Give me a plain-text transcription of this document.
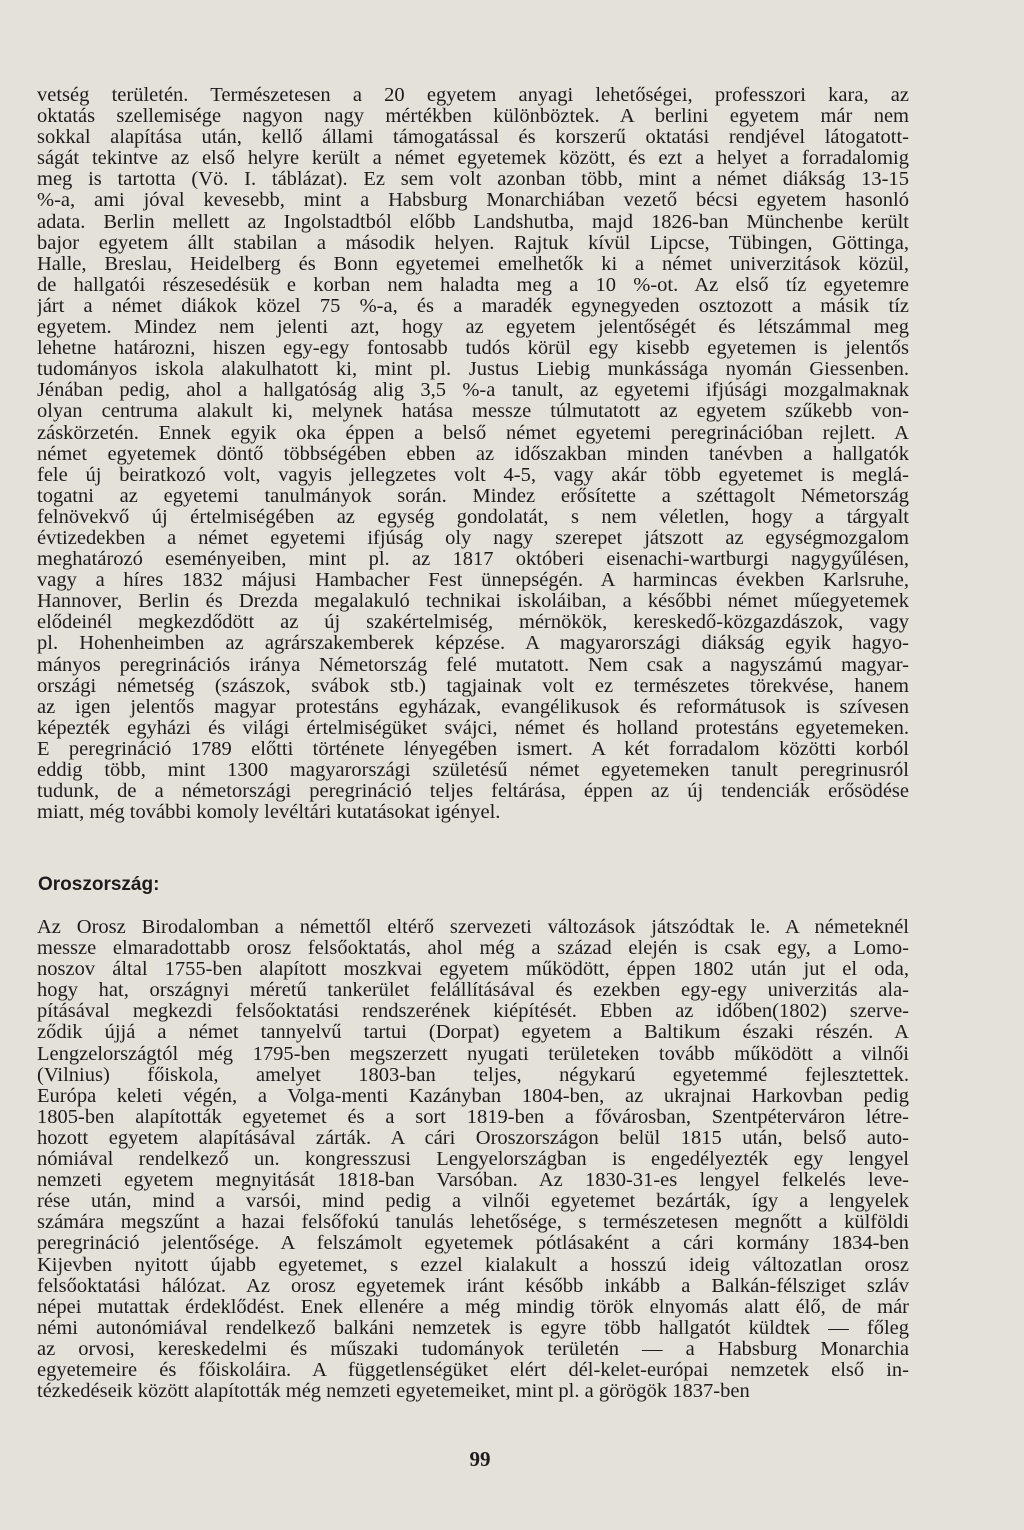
vetség területén. Természetesen a 20 egyetem anyagi lehetőségei, professzori kara, az
oktatás szellemisége nagyon nagy mértékben különböztek. A berlini egyetem már nem
sokkal alapítása után, kellő állami támogatással és korszerű oktatási rendjével látogatott-
ságát tekintve az első helyre került a német egyetemek között, és ezt a helyet a forradalomig
meg is tartotta (Vö. I. táblázat). Ez sem volt azonban több, mint a német diákság 13-15
%-a, ami jóval kevesebb, mint a Habsburg Monarchiában vezető bécsi egyetem hasonló
adata. Berlin mellett az Ingolstadtból előbb Landshutba, majd 1826-ban Münchenbe került
bajor egyetem állt stabilan a második helyen. Rajtuk kívül Lipcse, Tübingen, Göttinga,
Halle, Breslau, Heidelberg és Bonn egyetemei emelhetők ki a német univerzitások közül,
de hallgatói részesedésük e korban nem haladta meg a 10 %-ot. Az első tíz egyetemre
járt a német diákok közel 75 %-a, és a maradék egynegyeden osztozott a másik tíz
egyetem. Mindez nem jelenti azt, hogy az egyetem jelentőségét és létszámmal meg
lehetne határozni, hiszen egy-egy fontosabb tudós körül egy kisebb egyetemen is jelentős
tudományos iskola alakulhatott ki, mint pl. Justus Liebig munkássága nyomán Giessenben.
Jénában pedig, ahol a hallgatóság alig 3,5 %-a tanult, az egyetemi ifjúsági mozgalmaknak
olyan centruma alakult ki, melynek hatása messze túlmutatott az egyetem szűkebb von-
záskörzetén. Ennek egyik oka éppen a belső német egyetemi peregrinációban rejlett. A
német egyetemek döntő többségében ebben az időszakban minden tanévben a hallgatók
fele új beiratkozó volt, vagyis jellegzetes volt 4-5, vagy akár több egyetemet is meglá-
togatni az egyetemi tanulmányok során. Mindez erősítette a széttagolt Németország
felnövekvő új értelmiségében az egység gondolatát, s nem véletlen, hogy a tárgyalt
évtizedekben a német egyetemi ifjúság oly nagy szerepet játszott az egységmozgalom
meghatározó eseményeiben, mint pl. az 1817 októberi eisenachi-wartburgi nagygyűlésen,
vagy a híres 1832 májusi Hambacher Fest ünnepségén. A harmincas években Karlsruhe,
Hannover, Berlin és Drezda megalakuló technikai iskoláiban, a későbbi német műegyetemek
elődeinél megkezdődött az új szakértelmiség, mérnökök, kereskedő-közgazdászok, vagy
pl. Hohenheimben az agrárszakemberek képzése. A magyarországi diákság egyik hagyo-
mányos peregrinációs iránya Németország felé mutatott. Nem csak a nagyszámú magyar-
országi németség (szászok, svábok stb.) tagjainak volt ez természetes törekvése, hanem
az igen jelentős magyar protestáns egyházak, evangélikusok és reformátusok is szívesen
képezték egyházi és világi értelmiségüket svájci, német és holland protestáns egyetemeken.
E peregrináció 1789 előtti története lényegében ismert. A két forradalom közötti korból
eddig több, mint 1300 magyarországi születésű német egyetemeken tanult peregrinusról
tudunk, de a németországi peregrináció teljes feltárása, éppen az új tendenciák erősödése
miatt, még további komoly levéltári kutatásokat igényel.
Oroszország:
Az Orosz Birodalomban a némettől eltérő szervezeti változások játszódtak le. A németeknél
messze elmaradottabb orosz felsőoktatás, ahol még a század elején is csak egy, a Lomo-
noszov által 1755-ben alapított moszkvai egyetem működött, éppen 1802 után jut el oda,
hogy hat, országnyi méretű tankerület felállításával és ezekben egy-egy univerzitás ala-
pításával megkezdi felsőoktatási rendszerének kiépítését. Ebben az időben(1802) szerve-
ződik újjá a német tannyelvű tartui (Dorpat) egyetem a Baltikum északi részén. A
Lengzelországtól még 1795-ben megszerzett nyugati területeken tovább működött a vilnői
(Vilnius) főiskola, amelyet 1803-ban teljes, négykarú egyetemmé fejlesztettek.
Európa keleti végén, a Volga-menti Kazányban 1804-ben, az ukrajnai Harkovban pedig
1805-ben alapították egyetemet és a sort 1819-ben a fővárosban, Szentpéterváron létre-
hozott egyetem alapításával zárták. A cári Oroszországon belül 1815 után, belső auto-
nómiával rendelkező un. kongresszusi Lengyelországban is engedélyezték egy lengyel
nemzeti egyetem megnyitását 1818-ban Varsóban. Az 1830-31-es lengyel felkelés leve-
rése után, mind a varsói, mind pedig a vilnői egyetemet bezárták, így a lengyelek
számára megszűnt a hazai felsőfokú tanulás lehetősége, s természetesen megnőtt a külföldi
peregrináció jelentősége. A felszámolt egyetemek pótlásaként a cári kormány 1834-ben
Kijevben nyitott újabb egyetemet, s ezzel kialakult a hosszú ideig változatlan orosz
felsőoktatási hálózat. Az orosz egyetemek iránt később inkább a Balkán-félsziget szláv
népei mutattak érdeklődést. Enek ellenére a még mindig török elnyomás alatt élő, de már
némi autonómiával rendelkező balkáni nemzetek is egyre több hallgatót küldtek — főleg
az orvosi, kereskedelmi és műszaki tudományok területén — a Habsburg Monarchia
egyetemeire és főiskoláira. A függetlenségüket elért dél-kelet-európai nemzetek első in-
tézkedéseik között alapították még nemzeti egyetemeiket, mint pl. a görögök 1837-ben
99
